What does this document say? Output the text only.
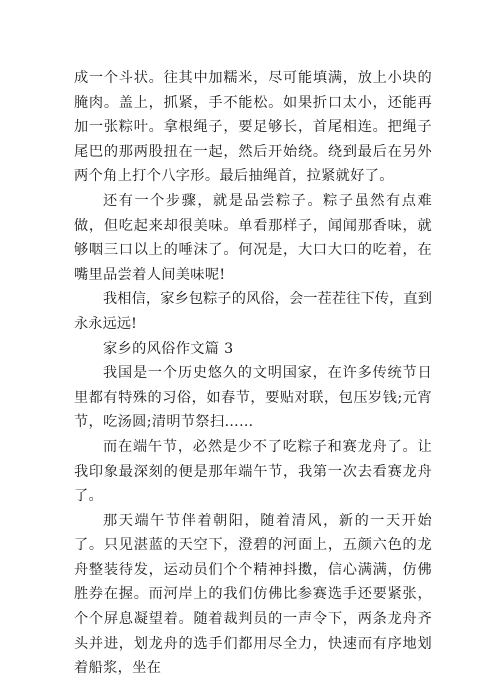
成一个斗状。往其中加糯米，尽可能填满，放上小块的腌肉。盖上，抓紧，手不能松。如果折口太小，还能再加一张粽叶。拿根绳子，要足够长，首尾相连。把绳子尾巴的那两股扭在一起，然后开始绕。绕到最后在另外两个角上打个八字形。最后抽绳首，拉紧就好了。

还有一个步骤，就是品尝粽子。粽子虽然有点难做，但吃起来却很美味。单看那样子，闻闻那香味，就够咽三口以上的唾沫了。何况是，大口大口的吃着，在嘴里品尝着人间美味呢!

我相信，家乡包粽子的风俗，会一茬茬往下传，直到永永远远!

家乡的风俗作文篇 3

我国是一个历史悠久的文明国家，在许多传统节日里都有特殊的习俗，如春节，要贴对联，包压岁钱;元宵节，吃汤圆;清明节祭扫……

而在端午节，必然是少不了吃粽子和赛龙舟了。让我印象最深刻的便是那年端午节，我第一次去看赛龙舟了。

那天端午节伴着朝阳，随着清风，新的一天开始了。只见湛蓝的天空下，澄碧的河面上，五颜六色的龙舟整装待发，运动员们个个精神抖擞，信心满满，仿佛胜券在握。而河岸上的我们仿佛比参赛选手还要紧张，个个屏息凝望着。随着裁判员的一声令下，两条龙舟齐头并进，划龙舟的选手们都用尽全力，快速而有序地划着船浆，坐在
